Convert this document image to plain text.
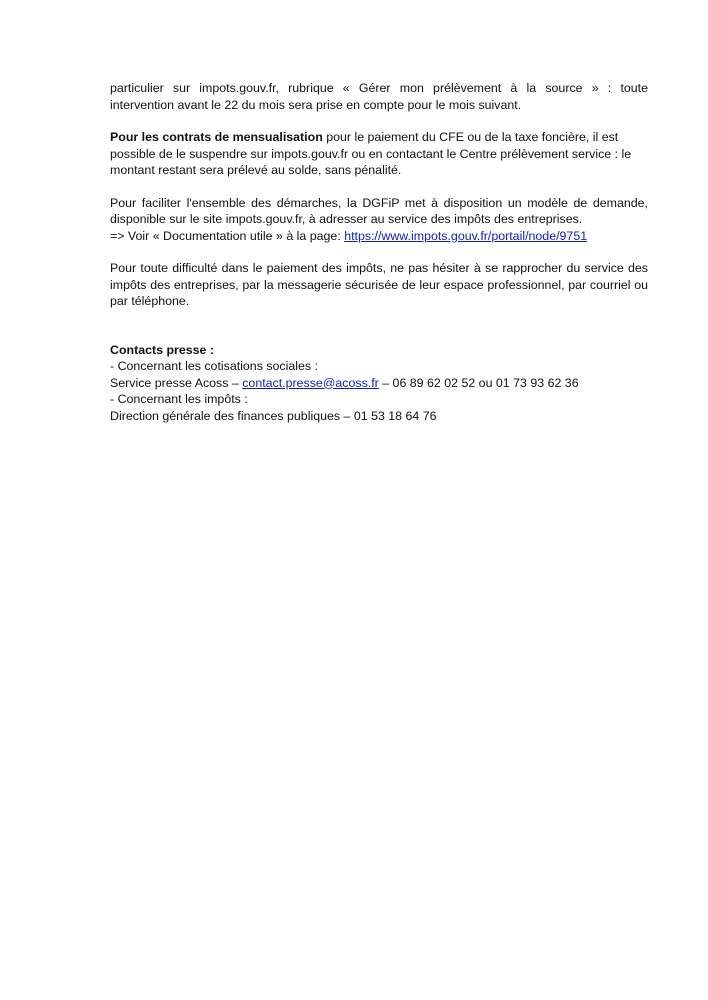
particulier sur impots.gouv.fr, rubrique « Gérer mon prélèvement à la source » : toute
intervention avant le 22 du mois sera prise en compte pour le mois suivant.

Pour les contrats de mensualisation pour le paiement du CFE ou de la taxe foncière, il est possible de le suspendre sur impots.gouv.fr ou en contactant le Centre prélèvement service : le montant restant sera prélevé au solde, sans pénalité.

Pour faciliter l'ensemble des démarches, la DGFiP met à disposition un modèle de demande, disponible sur le site impots.gouv.fr, à adresser au service des impôts des entreprises.
=> Voir « Documentation utile » à la page: https://www.impots.gouv.fr/portail/node/9751

Pour toute difficulté dans le paiement des impôts, ne pas hésiter à se rapprocher du service des impôts des entreprises, par la messagerie sécurisée de leur espace professionnel, par courriel ou par téléphone.

Contacts presse :

- Concernant les cotisations sociales :

Service presse Acoss – contact.presse@acoss.fr – 06 89 62 02 52 ou 01 73 93 62 36

- Concernant les impôts :

Direction générale des finances publiques – 01 53 18 64 76
